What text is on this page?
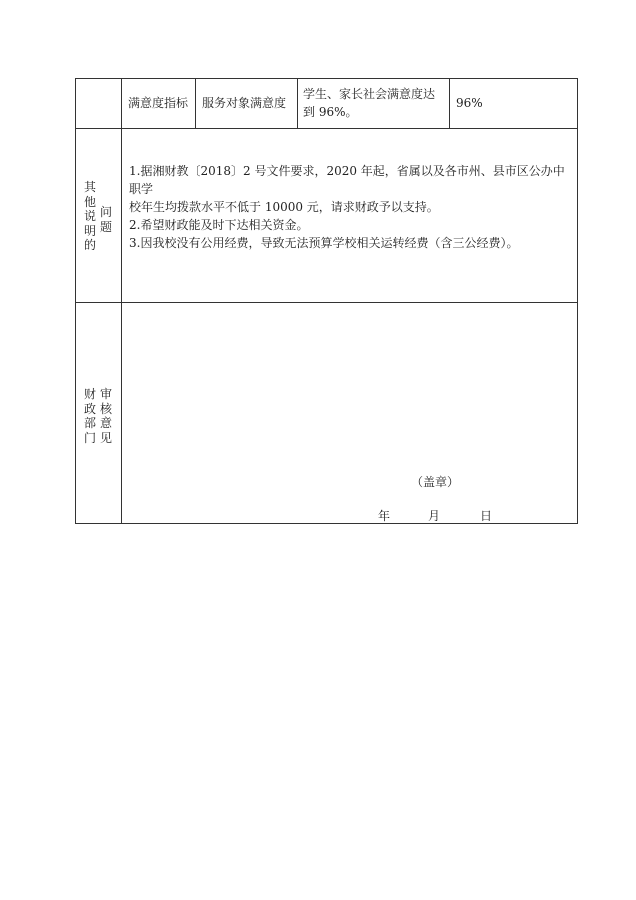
满意度指标 服务对象满意度
学生、家长社会满意度达
到 96%。
96%
其他说明的
问题
1.据湘财教〔2018〕2 号文件要求，2020 年起，省属以及各市州、县市区公办中
职学
校年生均拨款水平不低于 10000 元，请求财政予以支持。
2.希望财政能及时下达相关资金。
3.因我校没有公用经费，导致无法预算学校相关运转经费（含三公经费）。
财政部门
审核意见
（盖章）
年	月	日
